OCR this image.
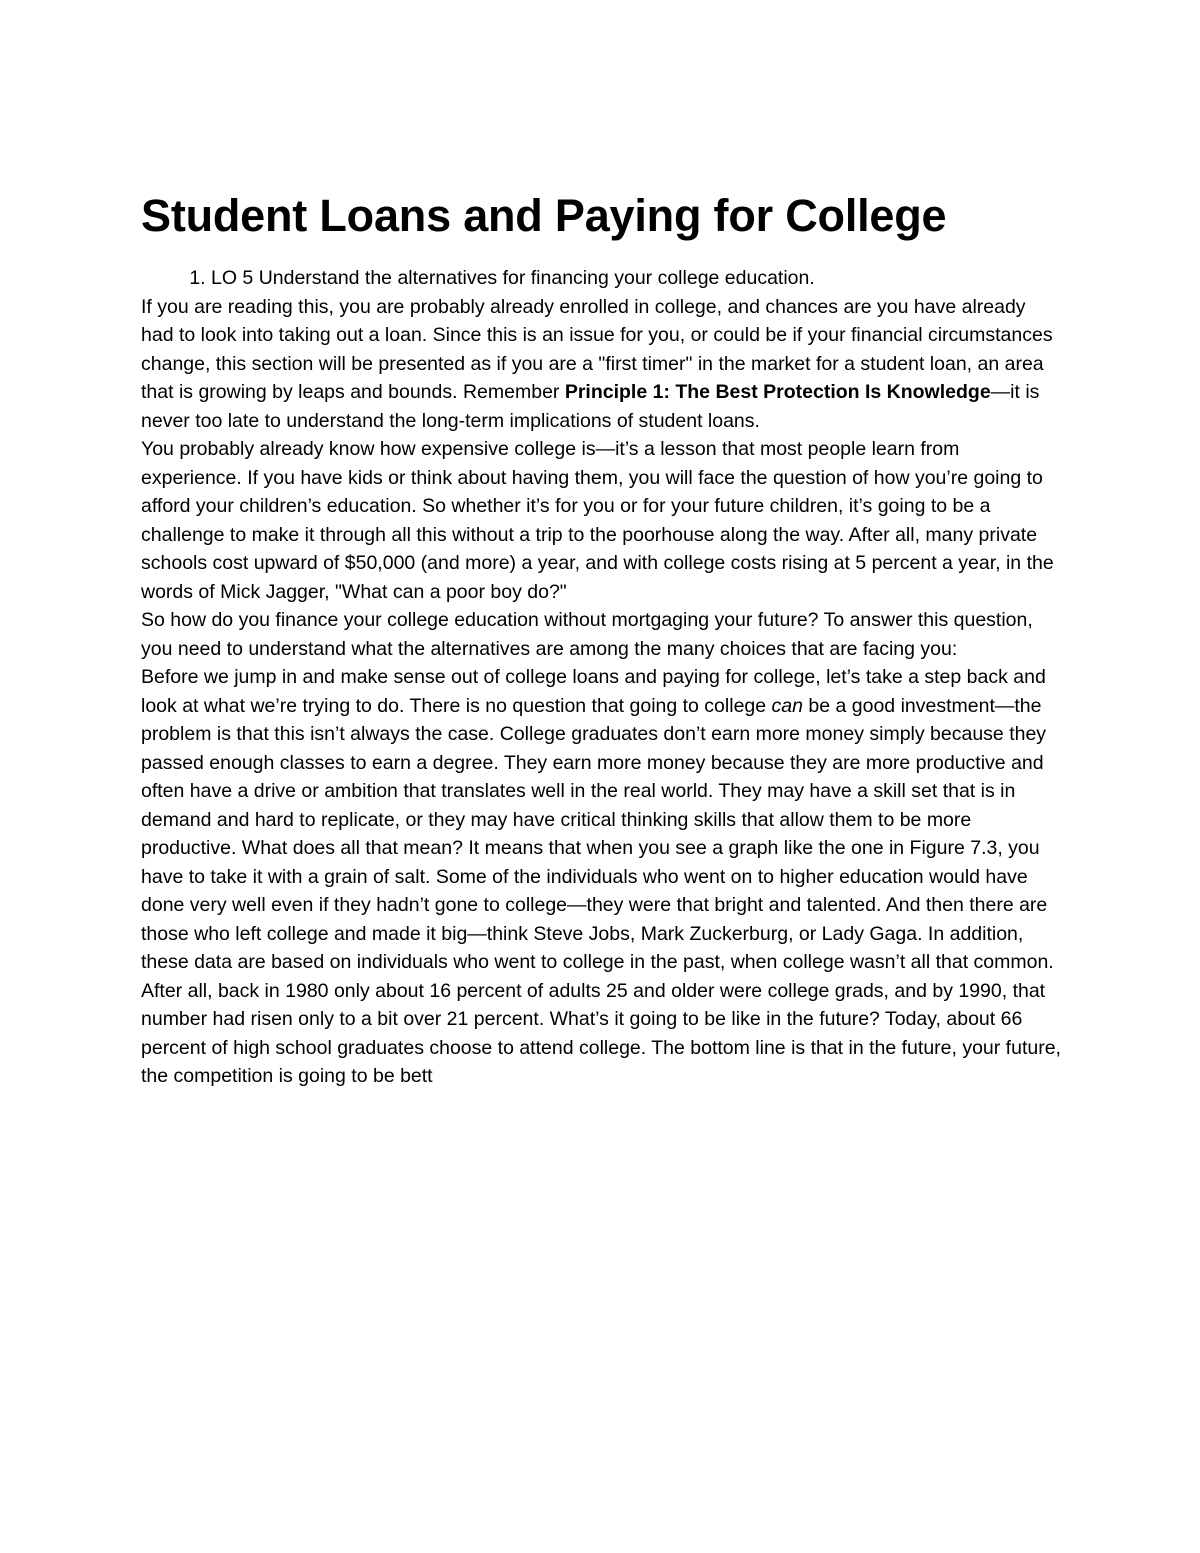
Student Loans and Paying for College
1. LO 5 Understand the alternatives for financing your college education.

If you are reading this, you are probably already enrolled in college, and chances are you have already had to look into taking out a loan. Since this is an issue for you, or could be if your financial circumstances change, this section will be presented as if you are a "first timer" in the market for a student loan, an area that is growing by leaps and bounds. Remember Principle 1: The Best Protection Is Knowledge—it is never too late to understand the long-term implications of student loans.

You probably already know how expensive college is—it’s a lesson that most people learn from experience. If you have kids or think about having them, you will face the question of how you’re going to afford your children’s education. So whether it’s for you or for your future children, it’s going to be a challenge to make it through all this without a trip to the poorhouse along the way. After all, many private schools cost upward of $50,000 (and more) a year, and with college costs rising at 5 percent a year, in the words of Mick Jagger, "What can a poor boy do?"

So how do you finance your college education without mortgaging your future? To answer this question, you need to understand what the alternatives are among the many choices that are facing you:

Before we jump in and make sense out of college loans and paying for college, let’s take a step back and look at what we’re trying to do. There is no question that going to college can be a good investment—the problem is that this isn’t always the case. College graduates don’t earn more money simply because they passed enough classes to earn a degree. They earn more money because they are more productive and often have a drive or ambition that translates well in the real world. They may have a skill set that is in demand and hard to replicate, or they may have critical thinking skills that allow them to be more productive. What does all that mean? It means that when you see a graph like the one in Figure 7.3, you have to take it with a grain of salt. Some of the individuals who went on to higher education would have done very well even if they hadn’t gone to college—they were that bright and talented. And then there are those who left college and made it big—think Steve Jobs, Mark Zuckerburg, or Lady Gaga. In addition, these data are based on individuals who went to college in the past, when college wasn’t all that common. After all, back in 1980 only about 16 percent of adults 25 and older were college grads, and by 1990, that number had risen only to a bit over 21 percent. What’s it going to be like in the future? Today, about 66 percent of high school graduates choose to attend college. The bottom line is that in the future, your future, the competition is going to be bett
